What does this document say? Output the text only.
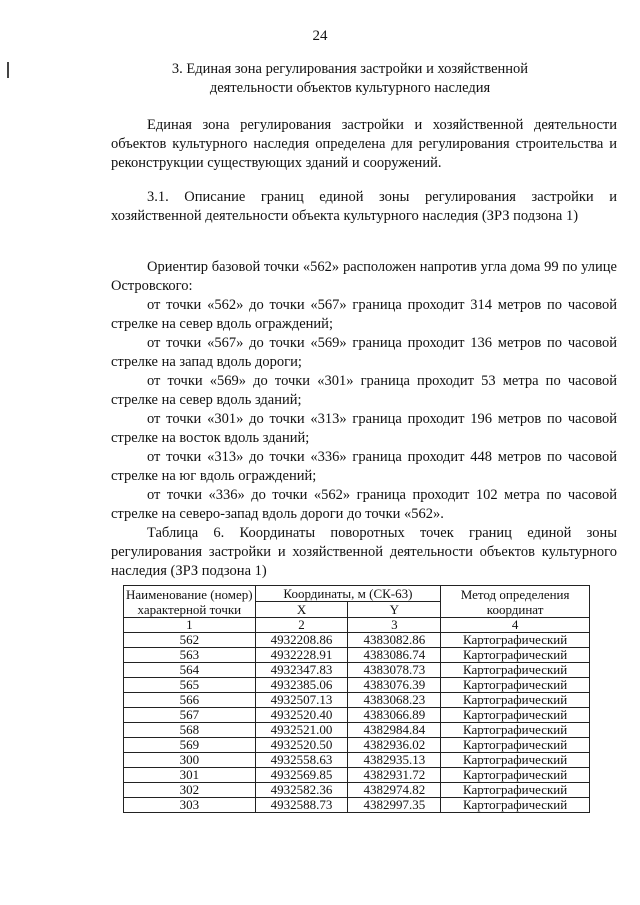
24
3. Единая зона регулирования застройки и хозяйственной деятельности объектов культурного наследия

Единая зона регулирования застройки и хозяйственной деятельности объектов культурного наследия определена для регулирования строительства и реконструкции существующих зданий и сооружений.

3.1. Описание границ единой зоны регулирования застройки и хозяйственной деятельности объекта культурного наследия (ЗРЗ подзона 1)

Ориентир базовой точки «562» расположен напротив угла дома 99 по улице Островского:

от точки «562» до точки «567» граница проходит 314 метров по часовой стрелке на север вдоль ограждений;
от точки «567» до точки «569» граница проходит 136 метров по часовой стрелке на запад вдоль дороги;
от точки «569» до точки «301» граница проходит 53 метра по часовой стрелке на север вдоль зданий;
от точки «301» до точки «313» граница проходит 196 метров по часовой стрелке на восток вдоль зданий;
от точки «313» до точки «336» граница проходит 448 метров по часовой стрелке на юг вдоль ограждений;
от точки «336» до точки «562» граница проходит 102 метра по часовой стрелке на северо-запад вдоль дороги до точки «562».

Таблица 6. Координаты поворотных точек границ единой зоны регулирования застройки и хозяйственной деятельности объектов культурного наследия (ЗРЗ подзона 1)

Наименование (номер) характерной точки	Координаты, м (СК-63)		Метод определения координат
	X	Y	
1	2	3	4
562	4932208.86	4383082.86	Картографический
563	4932228.91	4383086.74	Картографический
564	4932347.83	4383078.73	Картографический
565	4932385.06	4383076.39	Картографический
566	4932507.13	4383068.23	Картографический
567	4932520.40	4383066.89	Картографический
568	4932521.00	4382984.84	Картографический
569	4932520.50	4382936.02	Картографический
300	4932558.63	4382935.13	Картографический
301	4932569.85	4382931.72	Картографический
302	4932582.36	4382974.82	Картографический
303	4932588.73	4382997.35	Картографический
